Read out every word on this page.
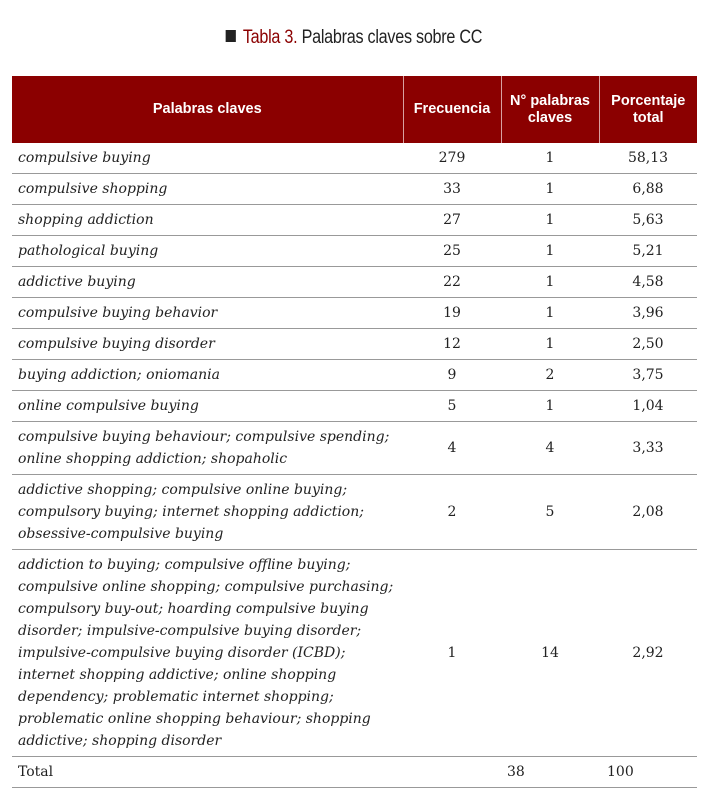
Tabla 3. Palabras claves sobre CC
Palabras claves	Frecuencia	N° palabras claves	Porcentaje total
compulsive buying	279	1	58,13
compulsive shopping	33	1	6,88
shopping addiction	27	1	5,63
pathological buying	25	1	5,21
addictive buying	22	1	4,58
compulsive buying behavior	19	1	3,96
compulsive buying disorder	12	1	2,50
buying addiction; oniomania	9	2	3,75
online compulsive buying	5	1	1,04
compulsive buying behaviour; compulsive spending; online shopping addiction; shopaholic	4	4	3,33
addictive shopping; compulsive online buying; compulsory buying; internet shopping addiction; obsessive-compulsive buying	2	5	2,08
addiction to buying; compulsive offline buying; compulsive online shopping; compulsive purchasing; compulsory buy-out; hoarding compulsive buying disorder; impulsive-compulsive buying disorder; impulsive-compulsive buying disorder (ICBD); internet shopping addictive; online shopping dependency; problematic internet shopping; problematic online shopping behaviour; shopping addictive; shopping disorder	1	14	2,92
Total		38	100
